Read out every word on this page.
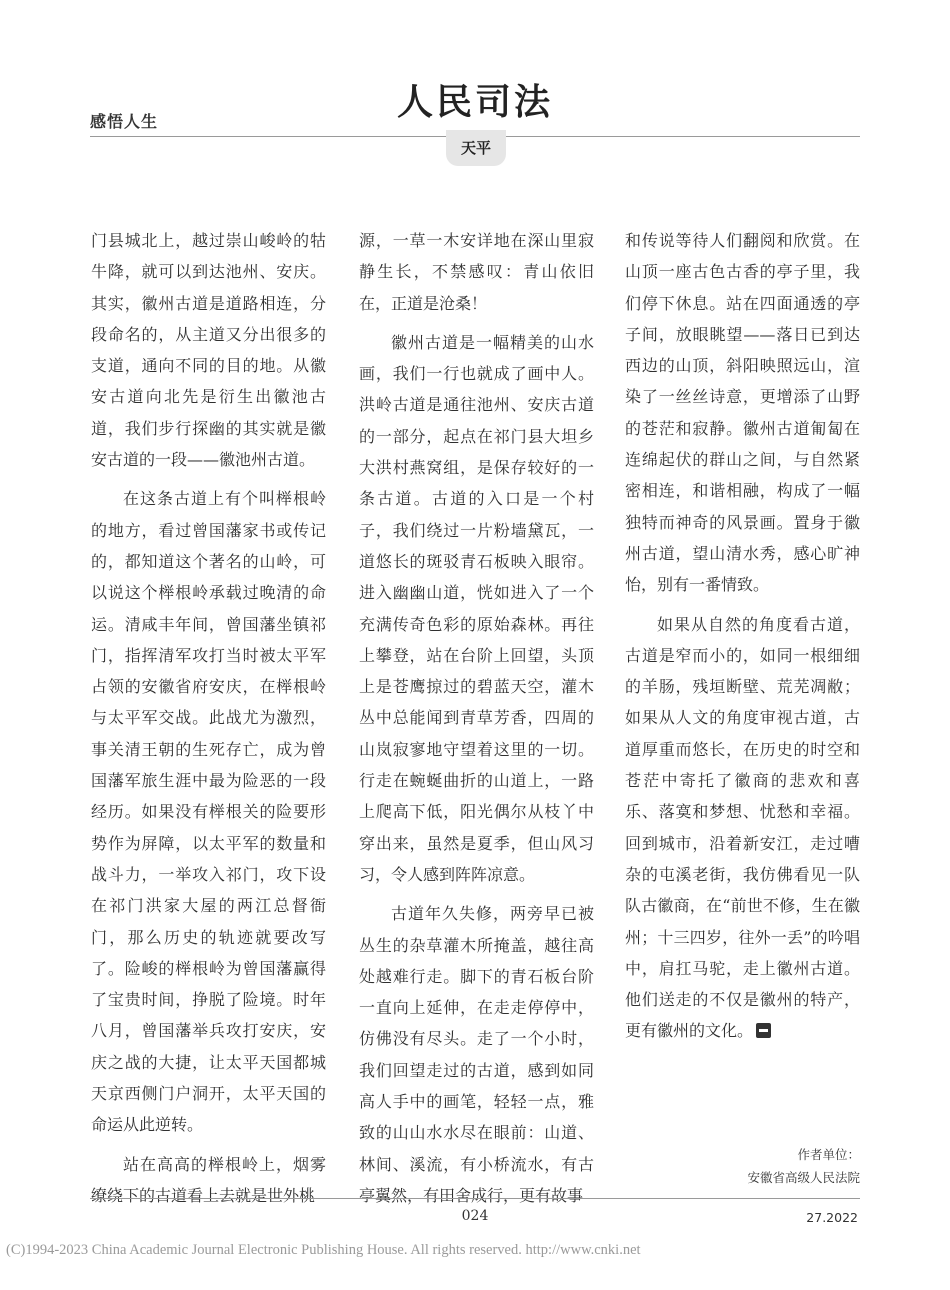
感悟人生	人民司法
天平

门县城北上，越过崇山峻岭的牯牛降，就可以到达池州、安庆。其实，徽州古道是道路相连，分段命名的，从主道又分出很多的支道，通向不同的目的地。从徽安古道向北先是衍生出徽池古道，我们步行探幽的其实就是徽安古道的一段——徽池州古道。

在这条古道上有个叫榉根岭的地方，看过曾国藩家书或传记的，都知道这个著名的山岭，可以说这个榉根岭承载过晚清的命运。清咸丰年间，曾国藩坐镇祁门，指挥清军攻打当时被太平军占领的安徽省府安庆，在榉根岭与太平军交战。此战尤为激烈，事关清王朝的生死存亡，成为曾国藩军旅生涯中最为险恶的一段经历。如果没有榉根关的险要形势作为屏障，以太平军的数量和战斗力，一举攻入祁门，攻下设在祁门洪家大屋的两江总督衙门，那么历史的轨迹就要改写了。险峻的榉根岭为曾国藩赢得了宝贵时间，挣脱了险境。时年八月，曾国藩举兵攻打安庆，安庆之战的大捷，让太平天国都城天京西侧门户洞开，太平天国的命运从此逆转。

站在高高的榉根岭上，烟雾缭绕下的古道看上去就是世外桃

源，一草一木安详地在深山里寂静生长，不禁感叹：青山依旧在，正道是沧桑！

徽州古道是一幅精美的山水画，我们一行也就成了画中人。洪岭古道是通往池州、安庆古道的一部分，起点在祁门县大坦乡大洪村燕窝组，是保存较好的一条古道。古道的入口是一个村子，我们绕过一片粉墙黛瓦，一道悠长的斑驳青石板映入眼帘。进入幽幽山道，恍如进入了一个充满传奇色彩的原始森林。再往上攀登，站在台阶上回望，头顶上是苍鹰掠过的碧蓝天空，灌木丛中总能闻到青草芳香，四周的山岚寂寥地守望着这里的一切。行走在蜿蜒曲折的山道上，一路上爬高下低，阳光偶尔从枝丫中穿出来，虽然是夏季，但山风习习，令人感到阵阵凉意。

古道年久失修，两旁早已被丛生的杂草灌木所掩盖，越往高处越难行走。脚下的青石板台阶一直向上延伸，在走走停停中，仿佛没有尽头。走了一个小时，我们回望走过的古道，感到如同高人手中的画笔，轻轻一点，雅致的山山水水尽在眼前：山道、林间、溪流，有小桥流水，有古亭翼然，有田舍成行，更有故事

和传说等待人们翻阅和欣赏。在山顶一座古色古香的亭子里，我们停下休息。站在四面通透的亭子间，放眼眺望——落日已到达西边的山顶，斜阳映照远山，渲染了一丝丝诗意，更增添了山野的苍茫和寂静。徽州古道匍匐在连绵起伏的群山之间，与自然紧密相连，和谐相融，构成了一幅独特而神奇的风景画。置身于徽州古道，望山清水秀，感心旷神怡，别有一番情致。

如果从自然的角度看古道，古道是窄而小的，如同一根细细的羊肠，残垣断壁、荒芜凋敝；如果从人文的角度审视古道，古道厚重而悠长，在历史的时空和苍茫中寄托了徽商的悲欢和喜乐、落寞和梦想、忧愁和幸福。回到城市，沿着新安江，走过嘈杂的屯溪老街，我仿佛看见一队队古徽商，在“前世不修，生在徽州；十三四岁，往外一丢”的吟唱中，肩扛马驼，走上徽州古道。他们送走的不仅是徽州的特产，更有徽州的文化。

作者单位：
安徽省高级人民法院
024	27.2022
(C)1994-2023 China Academic Journal Electronic Publishing House. All rights reserved. http://www.cnki.net
